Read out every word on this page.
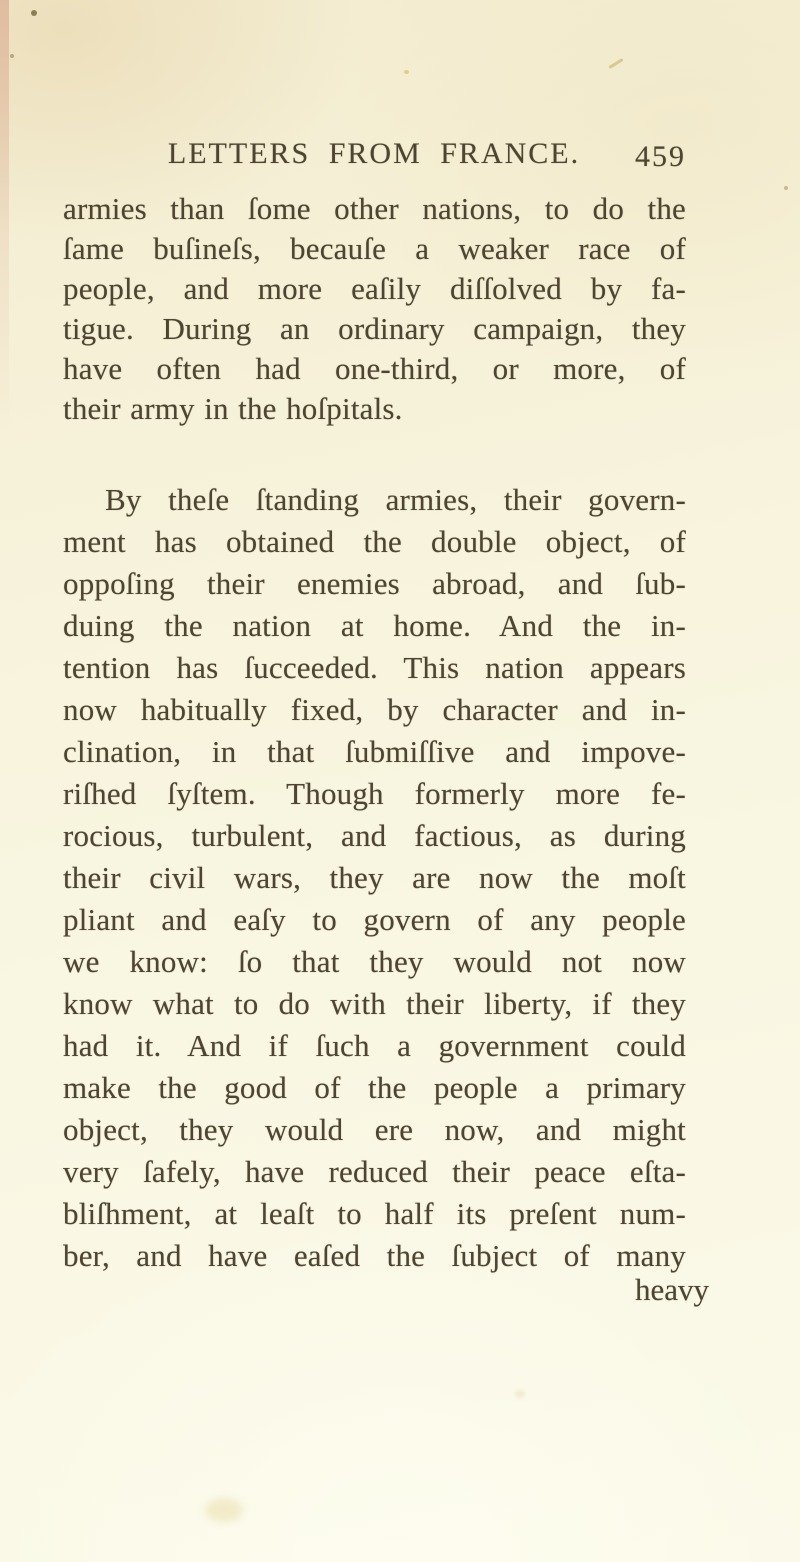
LETTERS FROM FRANCE.	459
armies than ſome other nations, to do the
ſame buſineſs, becauſe a weaker race of
people, and more eaſily diſſolved by fa-
tigue. During an ordinary campaign, they
have often had one-third, or more, of
their army in the hoſpitals.
By theſe ſtanding armies, their govern-
ment has obtained the double object, of
oppoſing their enemies abroad, and ſub-
duing the nation at home. And the in-
tention has ſucceeded. This nation appears
now habitually fixed, by character and in-
clination, in that ſubmiſſive and impove-
riſhed ſyſtem. Though formerly more fe-
rocious, turbulent, and factious, as during
their civil wars, they are now the moſt
pliant and eaſy to govern of any people
we know: ſo that they would not now
know what to do with their liberty, if they
had it. And if ſuch a government could
make the good of the people a primary
object, they would ere now, and might
very ſafely, have reduced their peace eſta-
bliſhment, at leaſt to half its preſent num-
ber, and have eaſed the ſubject of many
heavy
